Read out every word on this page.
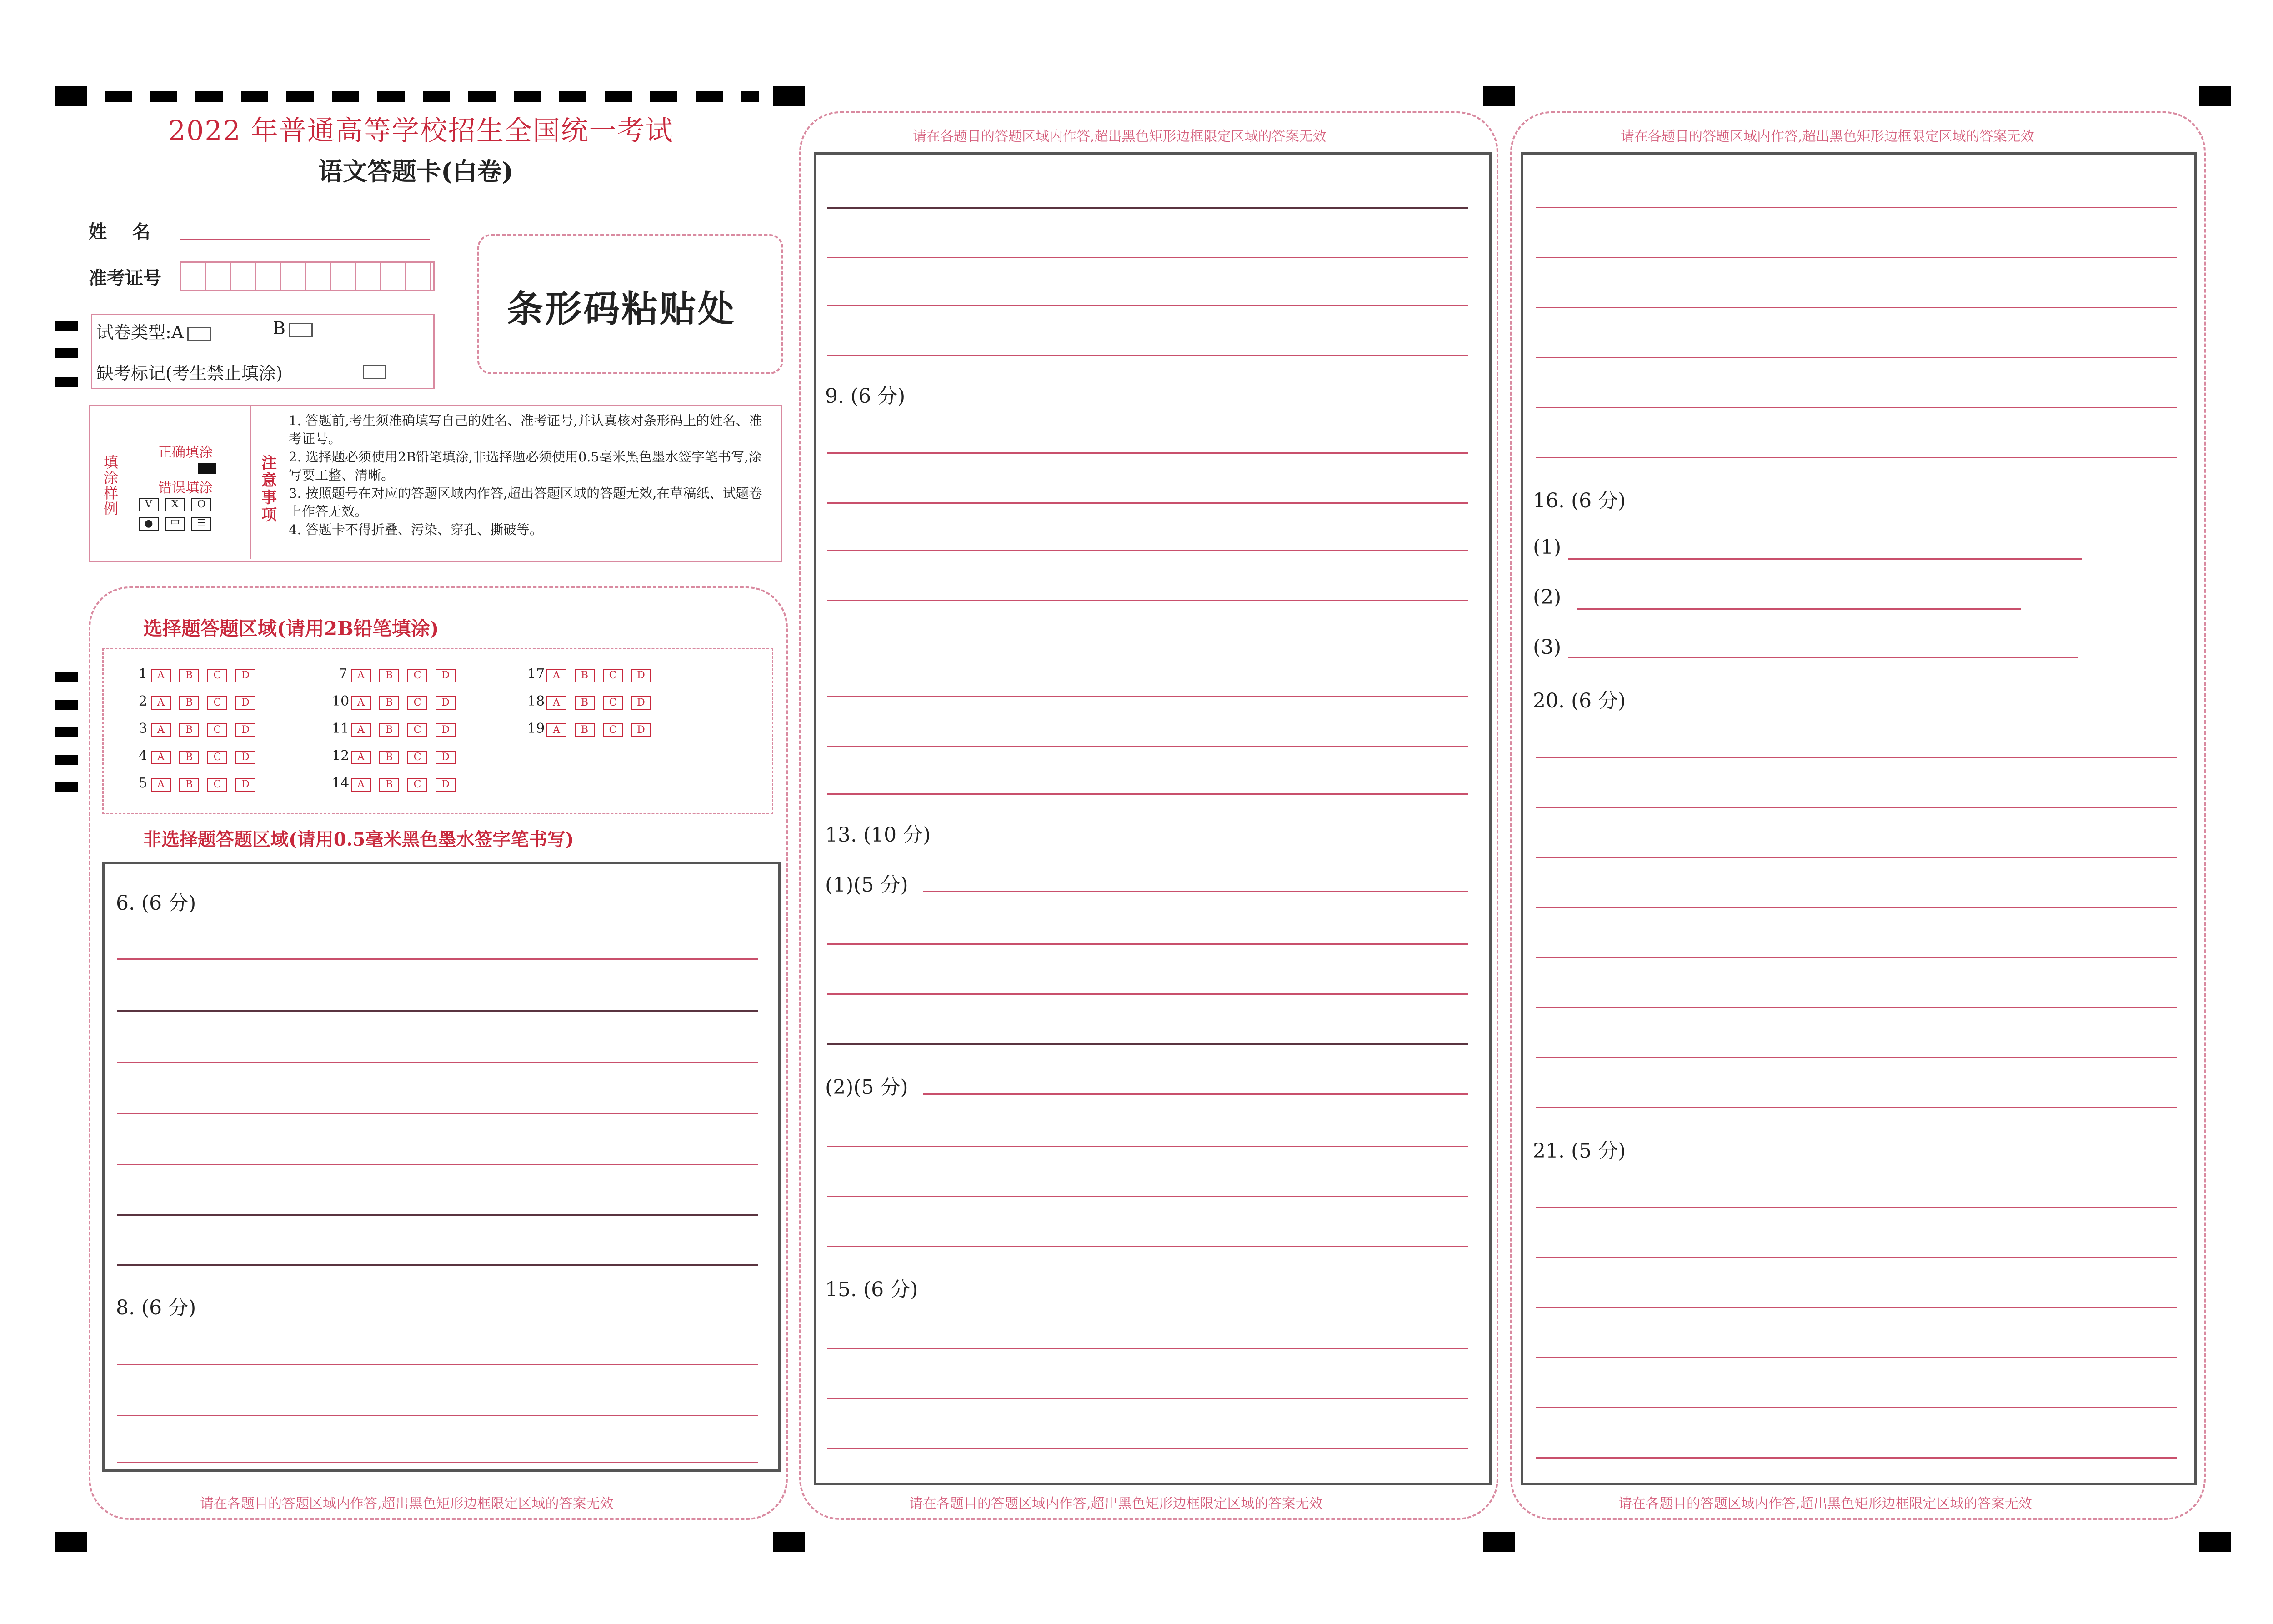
2022 年普通高等学校招生全国统一考试
语文答题卡(白卷)
姓    名
准考证号
试卷类型:A	B
缺考标记(考生禁止填涂)
条形码粘贴处
填涂样例
正确填涂
错误填涂
V X O
● 中 ☰
注意事项
1. 答题前,考生须准确填写自己的姓名、准考证号,并认真核对条形码上的姓名、准考证号。
2. 选择题必须使用2B铅笔填涂,非选择题必须使用0.5毫米黑色墨水签字笔书写,涂写要工整、清晰。
3. 按照题号在对应的答题区域内作答,超出答题区域的答题无效,在草稿纸、试题卷上作答无效。
4. 答题卡不得折叠、污染、穿孔、撕破等。
选择题答题区域(请用2B铅笔填涂)
1 A B C D
2 A B C D
3 A B C D
4 A B C D
5 A B C D
7 A B C D
10 A B C D
11 A B C D
12 A B C D
14 A B C D
17 A B C D
18 A B C D
19 A B C D
非选择题答题区域(请用0.5毫米黑色墨水签字笔书写)
6. (6 分)
8. (6 分)
请在各题目的答题区域内作答,超出黑色矩形边框限定区域的答案无效
请在各题目的答题区域内作答,超出黑色矩形边框限定区域的答案无效
9. (6 分)
13. (10 分)
(1)(5 分)
(2)(5 分)
15. (6 分)
请在各题目的答题区域内作答,超出黑色矩形边框限定区域的答案无效
请在各题目的答题区域内作答,超出黑色矩形边框限定区域的答案无效
16. (6 分)
(1)
(2)
(3)
20. (6 分)
21. (5 分)
请在各题目的答题区域内作答,超出黑色矩形边框限定区域的答案无效
